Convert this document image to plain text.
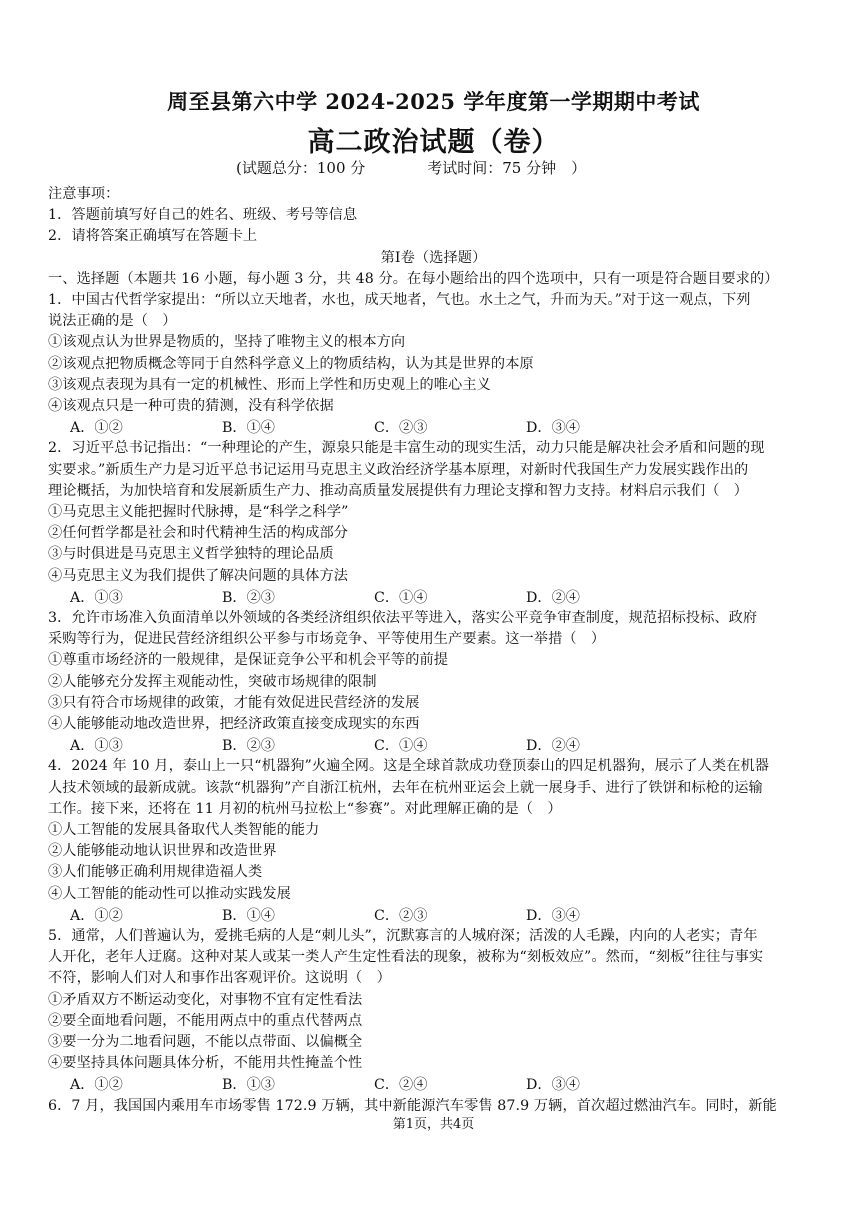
周至县第六中学 2024-2025 学年度第一学期期中考试
高二政治试题（卷）
(试题总分：100 分	考试时间：75 分钟　）
注意事项：
1．答题前填写好自己的姓名、班级、考号等信息
2．请将答案正确填写在答题卡上
第I卷（选择题）
一、选择题（本题共 16 小题，每小题 3 分，共 48 分。在每小题给出的四个选项中，只有一项是符合题目要求的）
1．中国古代哲学家提出：“所以立天地者，水也，成天地者，气也。水土之气，升而为天。”对于这一观点，下列
说法正确的是（　）
①该观点认为世界是物质的，坚持了唯物主义的根本方向
②该观点把物质概念等同于自然科学意义上的物质结构，认为其是世界的本原
③该观点表现为具有一定的机械性、形而上学性和历史观上的唯心主义
④该观点只是一种可贵的猜测，没有科学依据
A．①②	B．①④	C．②③	D．③④
2．习近平总书记指出：“一种理论的产生，源泉只能是丰富生动的现实生活，动力只能是解决社会矛盾和问题的现
实要求。”新质生产力是习近平总书记运用马克思主义政治经济学基本原理，对新时代我国生产力发展实践作出的
理论概括，为加快培育和发展新质生产力、推动高质量发展提供有力理论支撑和智力支持。材料启示我们（　）
①马克思主义能把握时代脉搏，是“科学之科学”
②任何哲学都是社会和时代精神生活的构成部分
③与时俱进是马克思主义哲学独特的理论品质
④马克思主义为我们提供了解决问题的具体方法
A．①③	B．②③	C．①④	D．②④
3．允许市场准入负面清单以外领域的各类经济组织依法平等进入，落实公平竞争审查制度，规范招标投标、政府
采购等行为，促进民营经济组织公平参与市场竞争、平等使用生产要素。这一举措（　）
①尊重市场经济的一般规律，是保证竞争公平和机会平等的前提
②人能够充分发挥主观能动性，突破市场规律的限制
③只有符合市场规律的政策，才能有效促进民营经济的发展
④人能够能动地改造世界，把经济政策直接变成现实的东西
A．①③	B．②③	C．①④	D．②④
4．2024 年 10 月，泰山上一只“机器狗”火遍全网。这是全球首款成功登顶泰山的四足机器狗，展示了人类在机器
人技术领域的最新成就。该款“机器狗”产自浙江杭州，去年在杭州亚运会上就一展身手、进行了铁饼和标枪的运输
工作。接下来，还将在 11 月初的杭州马拉松上“参赛”。对此理解正确的是（　）
①人工智能的发展具备取代人类智能的能力
②人能够能动地认识世界和改造世界
③人们能够正确利用规律造福人类
④人工智能的能动性可以推动实践发展
A．①②	B．①④	C．②③	D．③④
5．通常，人们普遍认为，爱挑毛病的人是“刺儿头”，沉默寡言的人城府深；活泼的人毛躁，内向的人老实；青年
人开化，老年人迂腐。这种对某人或某一类人产生定性看法的现象，被称为“刻板效应”。然而，“刻板”往往与事实
不符，影响人们对人和事作出客观评价。这说明（　）
①矛盾双方不断运动变化，对事物不宜有定性看法
②要全面地看问题，不能用两点中的重点代替两点
③要一分为二地看问题，不能以点带面、以偏概全
④要坚持具体问题具体分析，不能用共性掩盖个性
A．①②	B．①③	C．②④	D．③④
6．7 月，我国国内乘用车市场零售 172.9 万辆，其中新能源汽车零售 87.9 万辆，首次超过燃油汽车。同时，新能
第1页，共4页
